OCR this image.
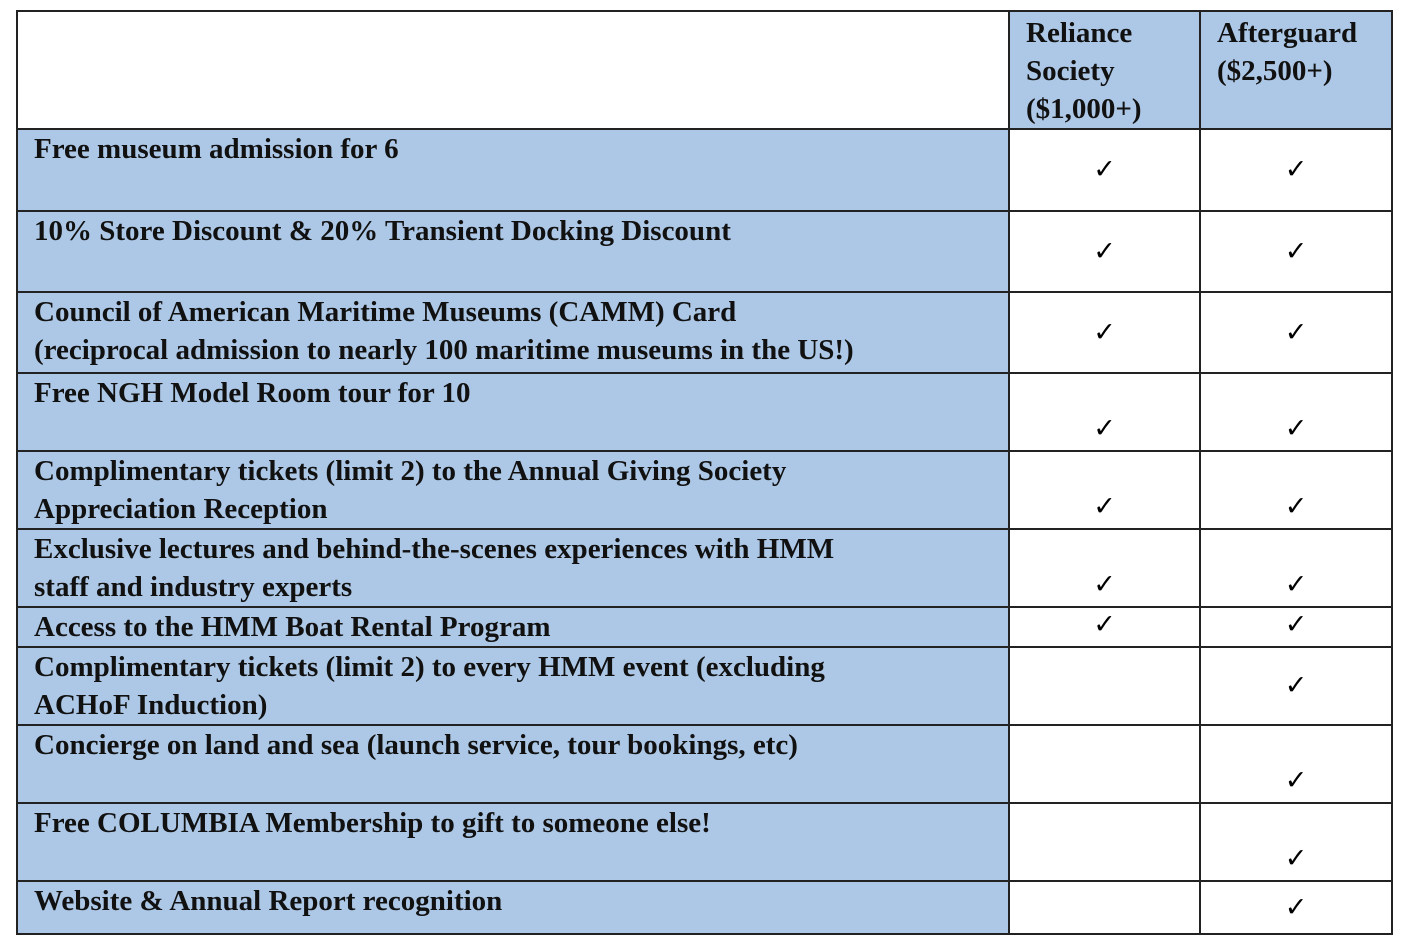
	Reliance
Society
($1,000+)	Afterguard
($2,500+)

Free museum admission for 6	✓	✓

10% Store Discount & 20% Transient Docking Discount	✓	✓

Council of American Maritime Museums (CAMM) Card
(reciprocal admission to nearly 100 maritime museums in the US!)	✓	✓

Free NGH Model Room tour for 10	✓	✓

Complimentary tickets (limit 2) to the Annual Giving Society
Appreciation Reception	✓	✓

Exclusive lectures and behind-the-scenes experiences with HMM
staff and industry experts	✓	✓

Access to the HMM Boat Rental Program	✓	✓

Complimentary tickets (limit 2) to every HMM event (excluding
ACHoF Induction)		✓

Concierge on land and sea (launch service, tour bookings, etc)		✓

Free COLUMBIA Membership to gift to someone else!		✓

Website & Annual Report recognition		✓
